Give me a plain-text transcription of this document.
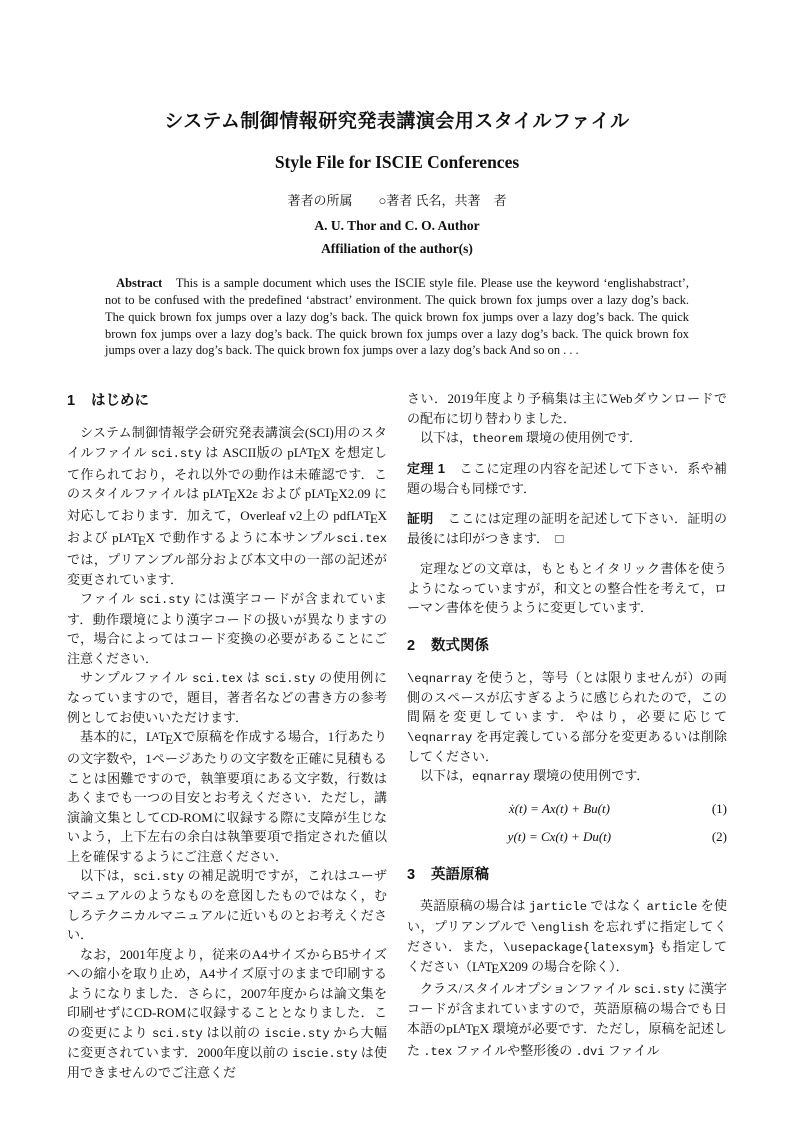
システム制御情報研究発表講演会用スタイルファイル
Style File for ISCIE Conferences
著者の所属　　○著者 氏名，共著　者
A. U. Thor and C. O. Author
Affiliation of the author(s)
Abstract This is a sample document which uses the ISCIE style file. Please use the keyword ‘englishabstract’, not to be confused with the predefined ‘abstract’ environment. The quick brown fox jumps over a lazy dog’s back. The quick brown fox jumps over a lazy dog’s back. The quick brown fox jumps over a lazy dog’s back. The quick brown fox jumps over a lazy dog’s back. The quick brown fox jumps over a lazy dog’s back. The quick brown fox jumps over a lazy dog’s back. The quick brown fox jumps over a lazy dog’s back And so on . . .
1 はじめに
システム制御情報学会研究発表講演会(SCI)用のスタイルファイル sci.sty は ASCII版の $pL^ATEX$ を想定して作られており，それ以外での動作は未確認です．このスタイルファイルは $pL^ATEX2\varepsilon$ および $pL^ATEX2.09$ に対応しております．加えて，Overleaf v2上の pdfL$^A$TEX および $pL^ATEX$ で動作するように本サンプルsci.tex では，プリアンブル部分および本文中の一部の記述が変更されています．
ファイル sci.sty には漢字コードが含まれています．動作環境により漢字コードの扱いが異なりますので，場合によってはコード変換の必要があることにご注意ください．
サンプルファイル sci.tex は sci.sty の使用例になっていますので，題目，著者名などの書き方の参考例としてお使いいただけます．
基本的に，$L^ATEX$で原稿を作成する場合，1行あたりの文字数や，1ページあたりの文字数を正確に見積もることは困難ですので，執筆要項にある文字数，行数はあくまでも一つの目安とお考えください．ただし，講演論文集としてCD-ROMに収録する際に支障が生じないよう，上下左右の余白は執筆要項で指定された値以上を確保するようにご注意ください．
以下は，sci.sty の補足説明ですが，これはユーザマニュアルのようなものを意図したものではなく，むしろテクニカルマニュアルに近いものとお考えください．
なお，2001年度より，従来のA4サイズからB5サイズへの縮小を取り止め，A4サイズ原寸のままで印刷するようになりました．さらに，2007年度からは論文集を印刷せずにCD-ROMに収録することとなりました．この変更により sci.sty は以前の iscie.sty から大幅に変更されています．2000年度以前の iscie.sty は使用できませんのでご注意くだ
さい．2019年度より予稿集は主にWebダウンロードでの配布に切り替わりました．
以下は，theorem 環境の使用例です．
定理 1 ここに定理の内容を記述して下さい．系や補題の場合も同様です．
証明 ここには定理の証明を記述して下さい．証明の最後には印がつきます．　□
定理などの文章は，もともとイタリック書体を使うようになっていますが，和文との整合性を考えて，ローマン書体を使うように変更しています．
2 数式関係
\eqnarray を使うと，等号（とは限りませんが）の両側のスペースが広すぎるように感じられたので，この間隔を変更しています．やはり，必要に応じて \eqnarray を再定義している部分を変更あるいは削除してください．
以下は，eqnarray 環境の使用例です．
ẋ(t) = Ax(t) + Bu(t)	(1)
y(t) = Cx(t) + Du(t)	(2)
3 英語原稿
英語原稿の場合は jarticle ではなく article を使い，プリアンブルで \english を忘れずに指定してください．また，\usepackage{latexsym} も指定してください（$L^ATEX209$ の場合を除く）．
クラス/スタイルオプションファイル sci.sty に漢字コードが含まれていますので，英語原稿の場合でも日本語の$pL^ATEX$ 環境が必要です．ただし，原稿を記述した .tex ファイルや整形後の .dvi ファイル
